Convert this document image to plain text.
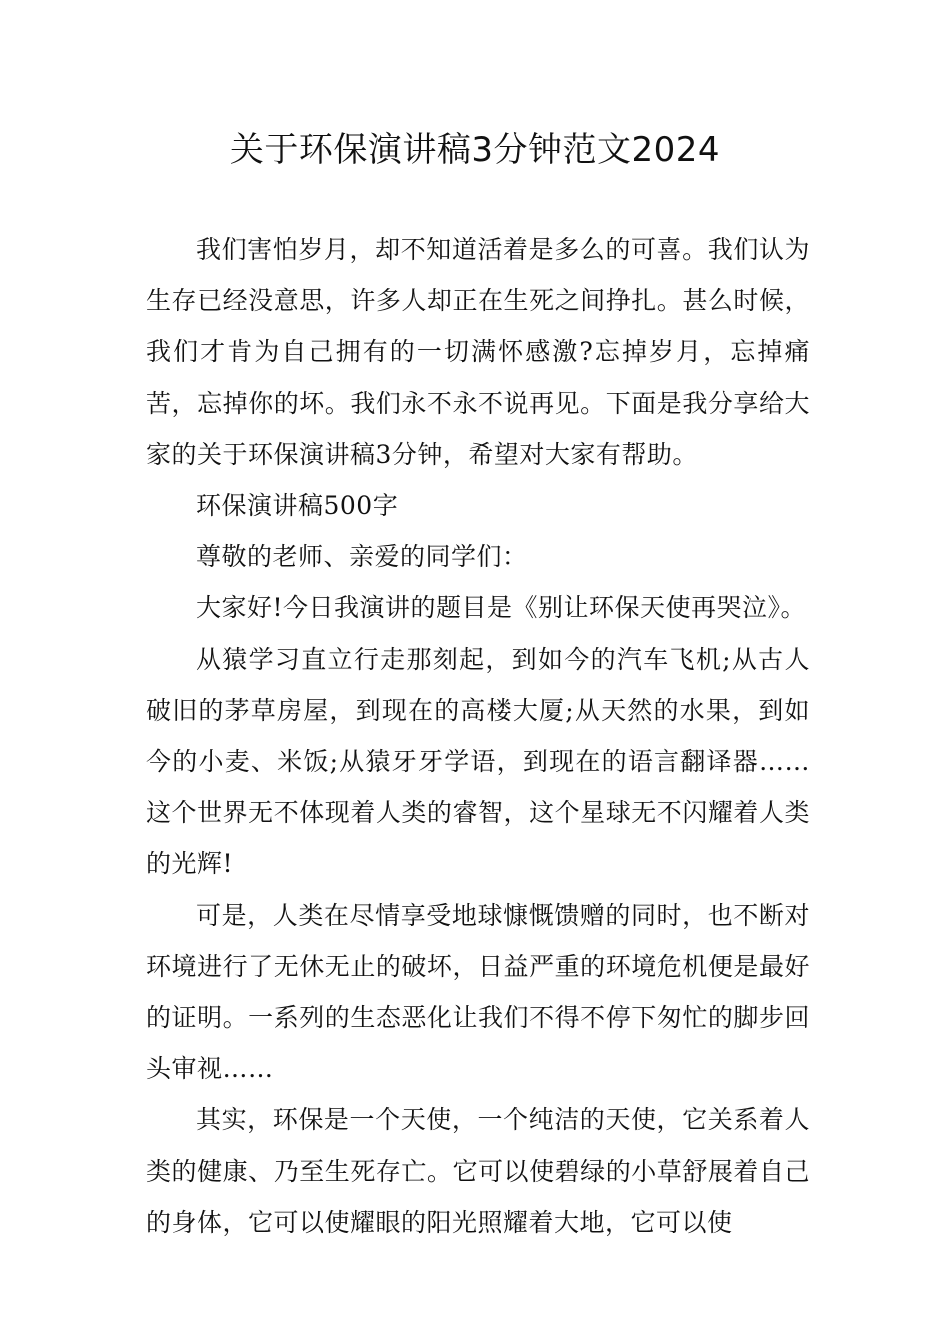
关于环保演讲稿3分钟范文2024

我们害怕岁月，却不知道活着是多么的可喜。我们认为生存已经没意思，许多人却正在生死之间挣扎。甚么时候，我们才肯为自己拥有的一切满怀感激?忘掉岁月，忘掉痛苦，忘掉你的坏。我们永不永不说再见。下面是我分享给大家的关于环保演讲稿3分钟，希望对大家有帮助。

环保演讲稿500字

尊敬的老师、亲爱的同学们：

大家好!今日我演讲的题目是《别让环保天使再哭泣》。

从猿学习直立行走那刻起，到如今的汽车飞机;从古人破旧的茅草房屋，到现在的高楼大厦;从天然的水果，到如今的小麦、米饭;从猿牙牙学语，到现在的语言翻译器……这个世界无不体现着人类的睿智，这个星球无不闪耀着人类的光辉!

可是，人类在尽情享受地球慷慨馈赠的同时，也不断对环境进行了无休无止的破坏，日益严重的环境危机便是最好的证明。一系列的生态恶化让我们不得不停下匆忙的脚步回头审视……

其实，环保是一个天使，一个纯洁的天使，它关系着人类的健康、乃至生死存亡。它可以使碧绿的小草舒展着自己的身体，它可以使耀眼的阳光照耀着大地，它可以使
